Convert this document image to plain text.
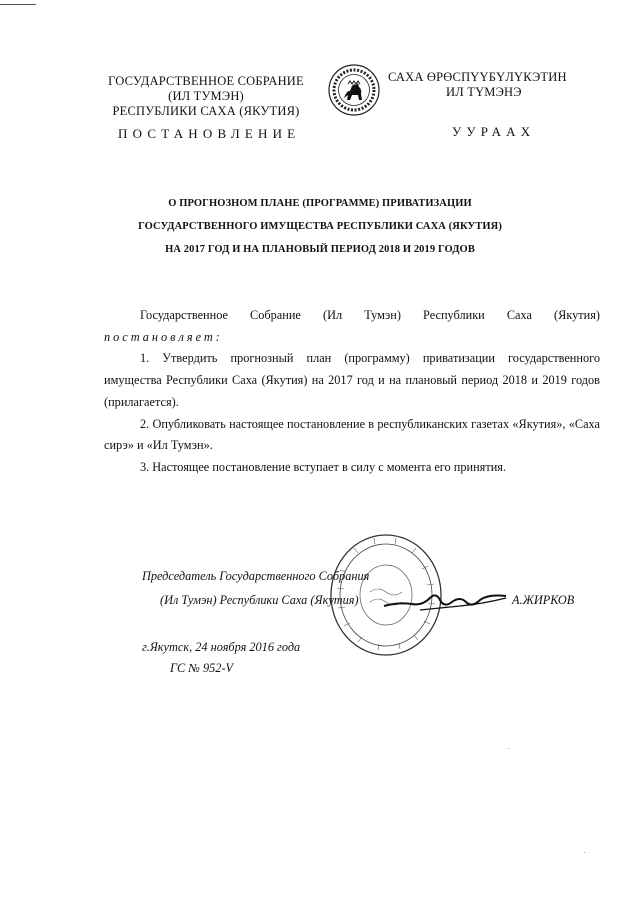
ГОСУДАРСТВЕННОЕ СОБРАНИЕ
(ИЛ ТУМЭН)
РЕСПУБЛИКИ САХА (ЯКУТИЯ)
САХА ӨРӨСПҮҮБҮЛҮКЭТИН
ИЛ ТҮМЭНЭ
ПОСТАНОВЛЕНИЕ	УУРААХ
О ПРОГНОЗНОМ ПЛАНЕ (ПРОГРАММЕ) ПРИВАТИЗАЦИИ
ГОСУДАРСТВЕННОГО ИМУЩЕСТВА РЕСПУБЛИКИ САХА (ЯКУТИЯ)
НА 2017 ГОД И НА ПЛАНОВЫЙ ПЕРИОД 2018 И 2019 ГОДОВ

Государственное  Собрание  (Ил  Тумэн)  Республики  Саха  (Якутия)

постановляет:

1. Утвердить прогнозный план (программу) приватизации государственного имущества Республики Саха (Якутия) на 2017 год и на плановый период 2018 и 2019 годов (прилагается).

2. Опубликовать настоящее постановление в республиканских газетах «Якутия», «Саха сирэ» и «Ил Тумэн».

3. Настоящее постановление вступает в силу с момента его принятия.

Председатель Государственного Собрания
(Ил Тумэн) Республики Саха (Якутия)	А.ЖИРКОВ
г.Якутск, 24 ноября 2016 года
ГС № 952-V
